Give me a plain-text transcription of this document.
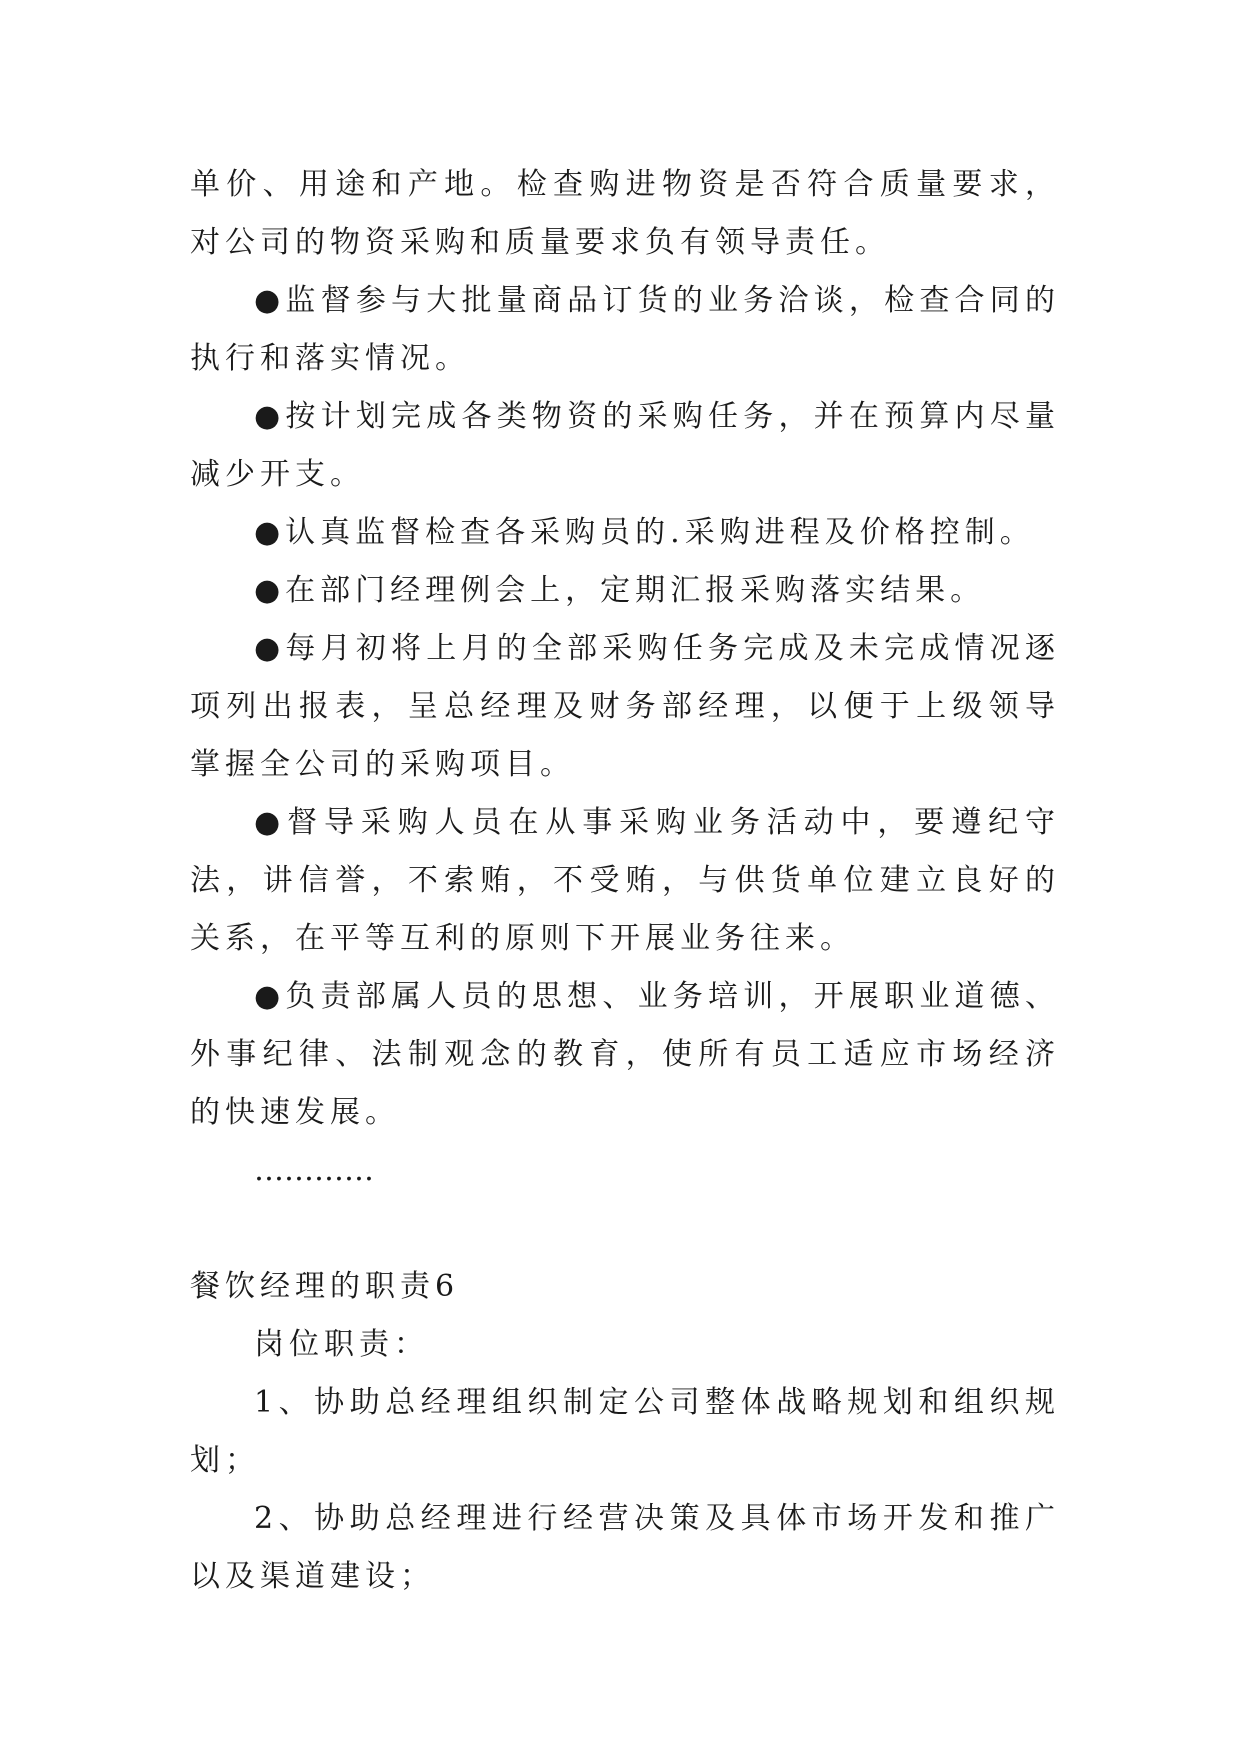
单价、用途和产地。检查购进物资是否符合质量要求，对公司的物资采购和质量要求负有领导责任。

●监督参与大批量商品订货的业务洽谈，检查合同的执行和落实情况。

●按计划完成各类物资的采购任务，并在预算内尽量减少开支。

●认真监督检查各采购员的.采购进程及价格控制。

●在部门经理例会上，定期汇报采购落实结果。

●每月初将上月的全部采购任务完成及未完成情况逐项列出报表，呈总经理及财务部经理，以便于上级领导掌握全公司的采购项目。

●督导采购人员在从事采购业务活动中，要遵纪守法，讲信誉，不索贿，不受贿，与供货单位建立良好的关系，在平等互利的原则下开展业务往来。

●负责部属人员的思想、业务培训，开展职业道德、外事纪律、法制观念的教育，使所有员工适应市场经济的快速发展。

…………

餐饮经理的职责6

岗位职责：

1、协助总经理组织制定公司整体战略规划和组织规划；

2、协助总经理进行经营决策及具体市场开发和推广以及渠道建设；
